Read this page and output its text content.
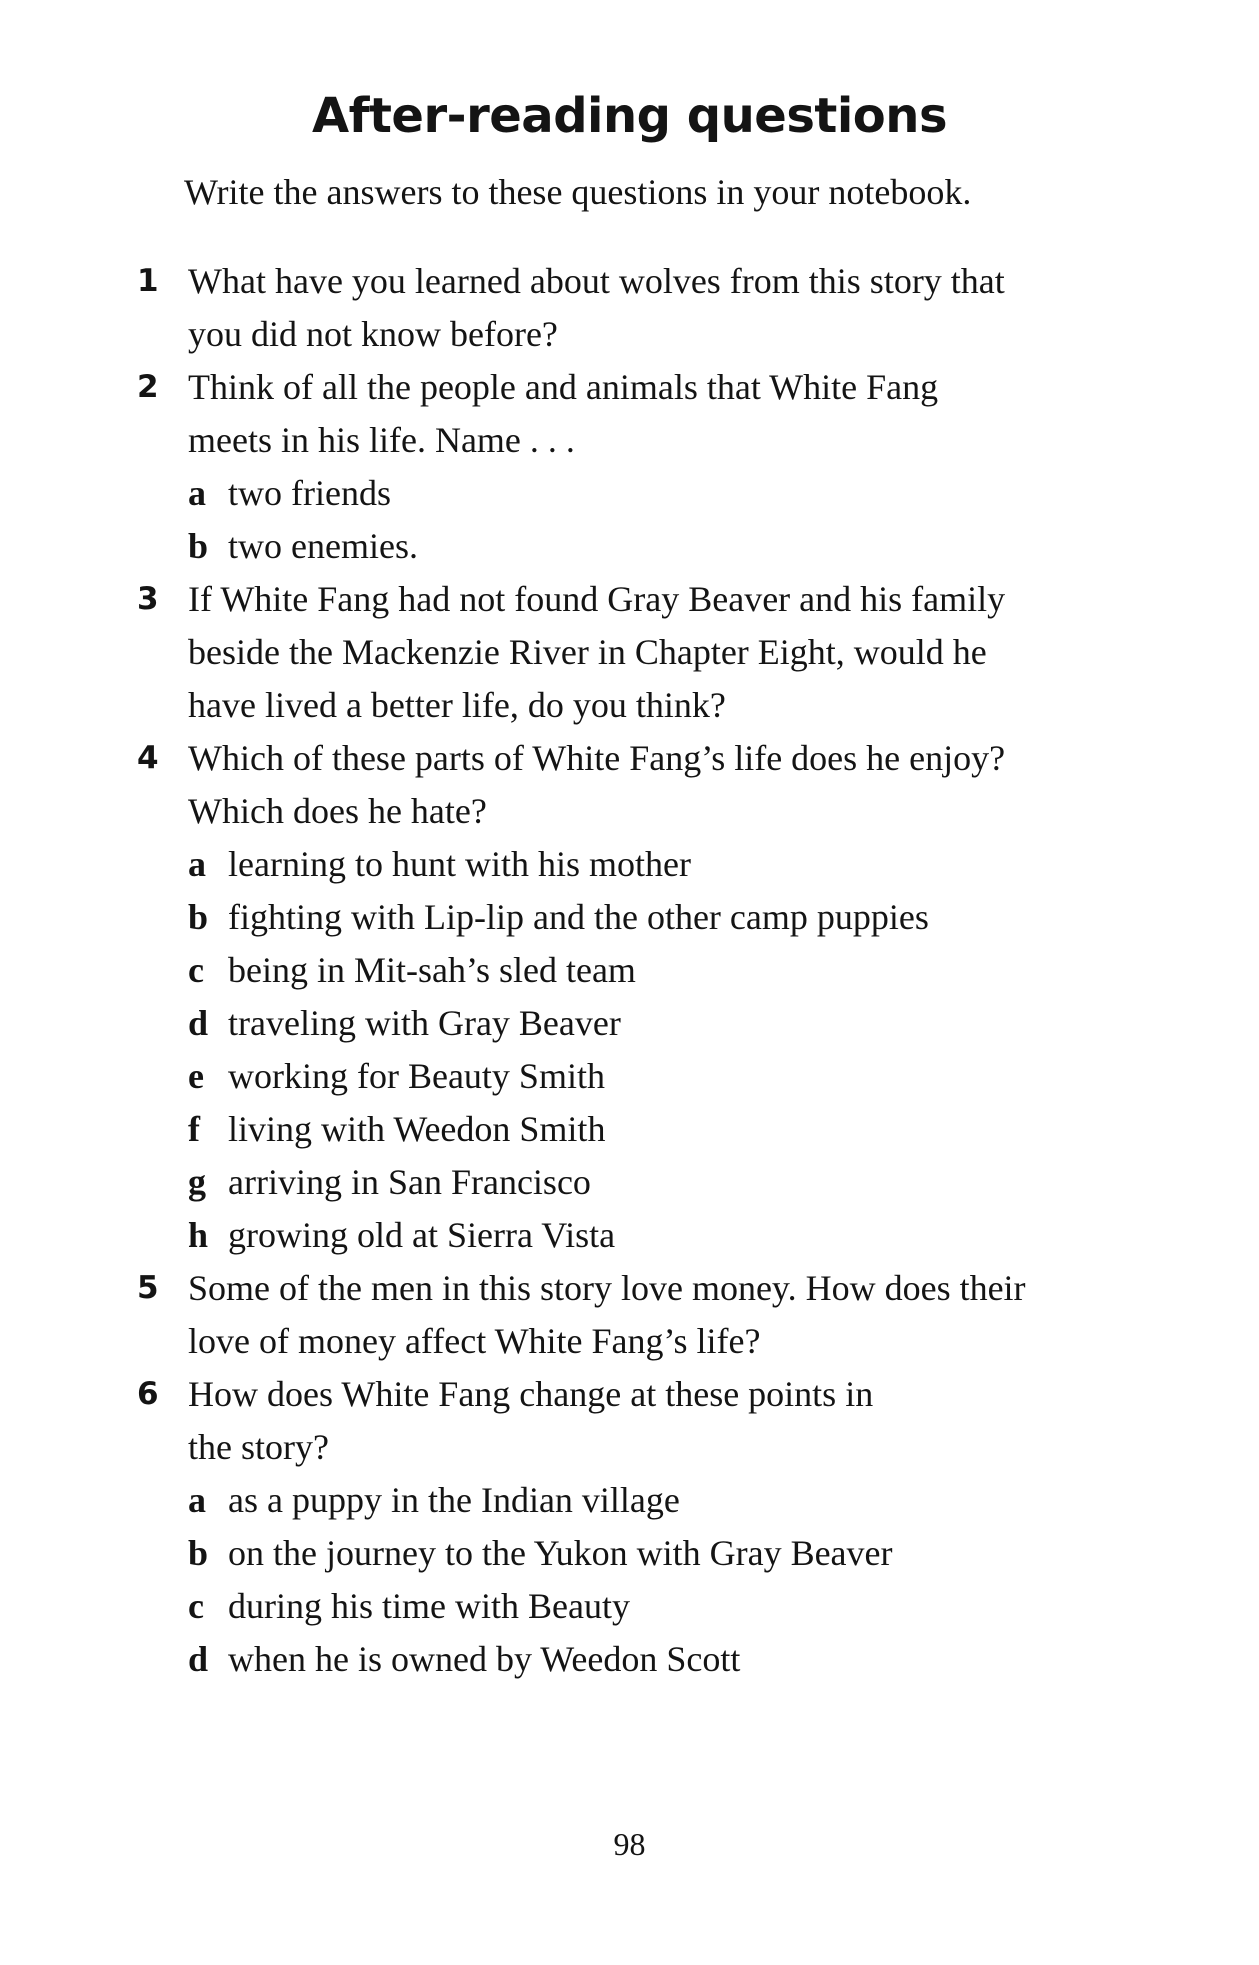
After-reading questions
Write the answers to these questions in your notebook.
1 What have you learned about wolves from this story that
you did not know before?
2 Think of all the people and animals that White Fang
meets in his life. Name . . .
a two friends
b two enemies.
3 If White Fang had not found Gray Beaver and his family
beside the Mackenzie River in Chapter Eight, would he
have lived a better life, do you think?
4 Which of these parts of White Fang’s life does he enjoy?
Which does he hate?
a learning to hunt with his mother
b fighting with Lip-lip and the other camp puppies
c being in Mit-sah’s sled team
d traveling with Gray Beaver
e working for Beauty Smith
f living with Weedon Smith
g arriving in San Francisco
h growing old at Sierra Vista
5 Some of the men in this story love money. How does their
love of money affect White Fang’s life?
6 How does White Fang change at these points in
the story?
a as a puppy in the Indian village
b on the journey to the Yukon with Gray Beaver
c during his time with Beauty
d when he is owned by Weedon Scott
98
